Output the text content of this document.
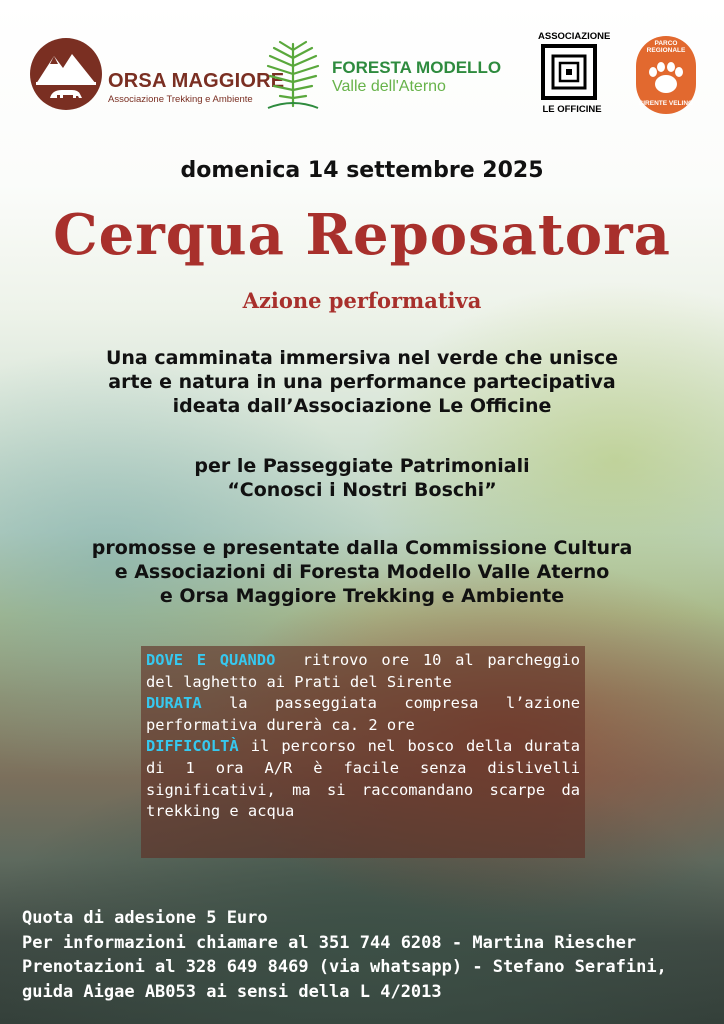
ORSA MAGGIORE
Associazione Trekking e Ambiente
FORESTA MODELLO
Valle dell'Aterno
ASSOCIAZIONE
LE OFFICINE
PARCO REGIONALE
SIRENTE VELINO
domenica 14 settembre 2025
Cerqua Reposatora
Azione performativa
Una camminata immersiva nel verde che unisce
arte e natura in una performance partecipativa
ideata dall’Associazione Le Officine
per le Passeggiate Patrimoniali
“Conosci i Nostri Boschi”
promosse e presentate dalla Commissione Cultura
e Associazioni di Foresta Modello Valle Aterno
e Orsa Maggiore Trekking e Ambiente
DOVE E QUANDO ritrovo ore 10 al parcheggio del laghetto ai Prati del Sirente
DURATA la passeggiata compresa l’azione performativa durerà ca. 2 ore
DIFFICOLTÀ il percorso nel bosco della durata di 1 ora A/R è facile senza dislivelli significativi, ma si raccomandano scarpe da trekking e acqua
Quota di adesione 5 Euro
Per informazioni chiamare al 351 744 6208 - Martina Riescher
Prenotazioni al 328 649 8469 (via whatsapp) - Stefano Serafini,
guida Aigae AB053 ai sensi della L 4/2013
